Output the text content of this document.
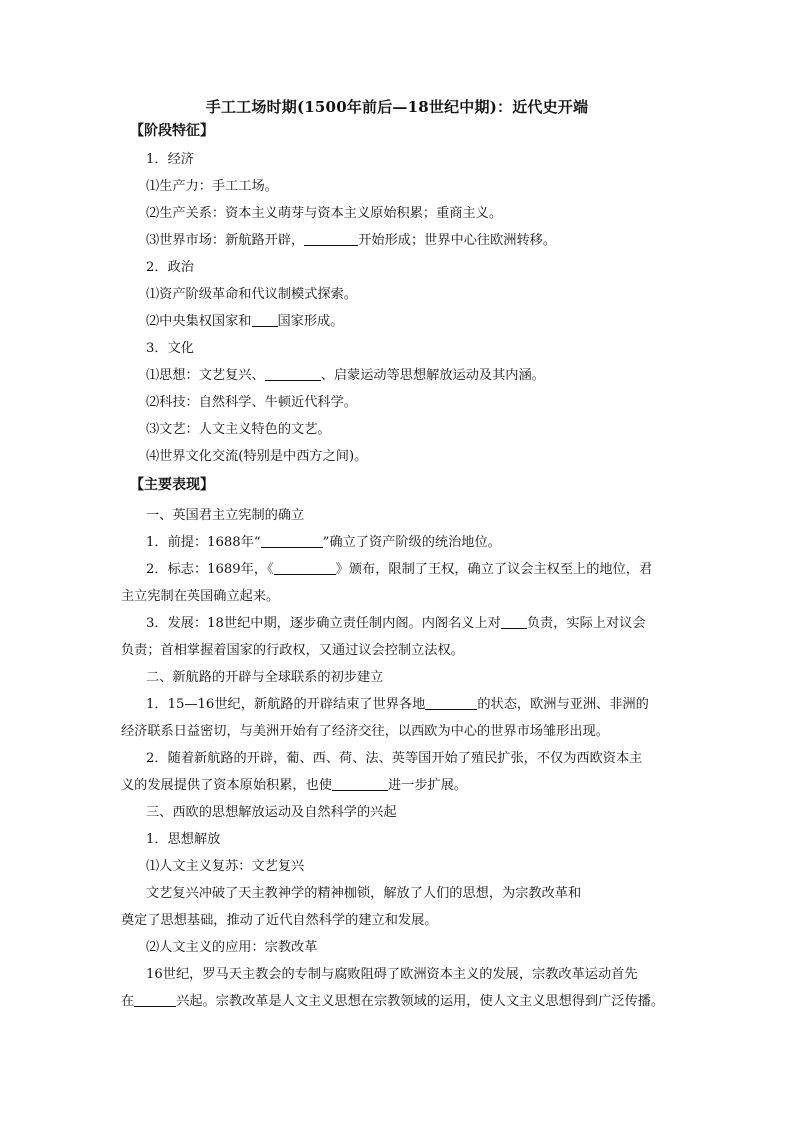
手工工场时期(1500年前后—18世纪中期)：近代史开端
【阶段特征】
1．经济
⑴生产力：手工工场。
⑵生产关系：资本主义萌芽与资本主义原始积累；重商主义。
⑶世界市场：新航路开辟，	开始形成；世界中心往欧洲转移。
2．政治
⑴资产阶级革命和代议制模式探索。
⑵中央集权国家和 国家形成。
3．文化
⑴思想：文艺复兴、	、启蒙运动等思想解放运动及其内涵。
⑵科技：自然科学、牛顿近代科学。
⑶文艺：人文主义特色的文艺。
⑷世界文化交流(特别是中西方之间)。
【主要表现】
一、英国君主立宪制的确立
1．前提：1688年“	”确立了资产阶级的统治地位。
2．标志：1689年，《	》颁布，限制了王权，确立了议会主权至上的地位，君
主立宪制在英国确立起来。
3．发展：18世纪中期，逐步确立责任制内阁。内阁名义上对 负责，实际上对议会
负责；首相掌握着国家的行政权，又通过议会控制立法权。
二、新航路的开辟与全球联系的初步建立
1．15—16世纪，新航路的开辟结束了世界各地	的状态，欧洲与亚洲、非洲的
经济联系日益密切，与美洲开始有了经济交往，以西欧为中心的世界市场雏形出现。
2．随着新航路的开辟，葡、西、荷、法、英等国开始了殖民扩张，不仅为西欧资本主
义的发展提供了资本原始积累，也使	进一步扩展。
三、西欧的思想解放运动及自然科学的兴起
1．思想解放
⑴人文主义复苏：文艺复兴
文艺复兴冲破了天主教神学的精神枷锁，解放了人们的思想，为宗教改革和
奠定了思想基础，推动了近代自然科学的建立和发展。
⑵人文主义的应用：宗教改革
16世纪，罗马天主教会的专制与腐败阻碍了欧洲资本主义的发展，宗教改革运动首先
在	兴起。宗教改革是人文主义思想在宗教领域的运用，使人文主义思想得到广泛传播。
